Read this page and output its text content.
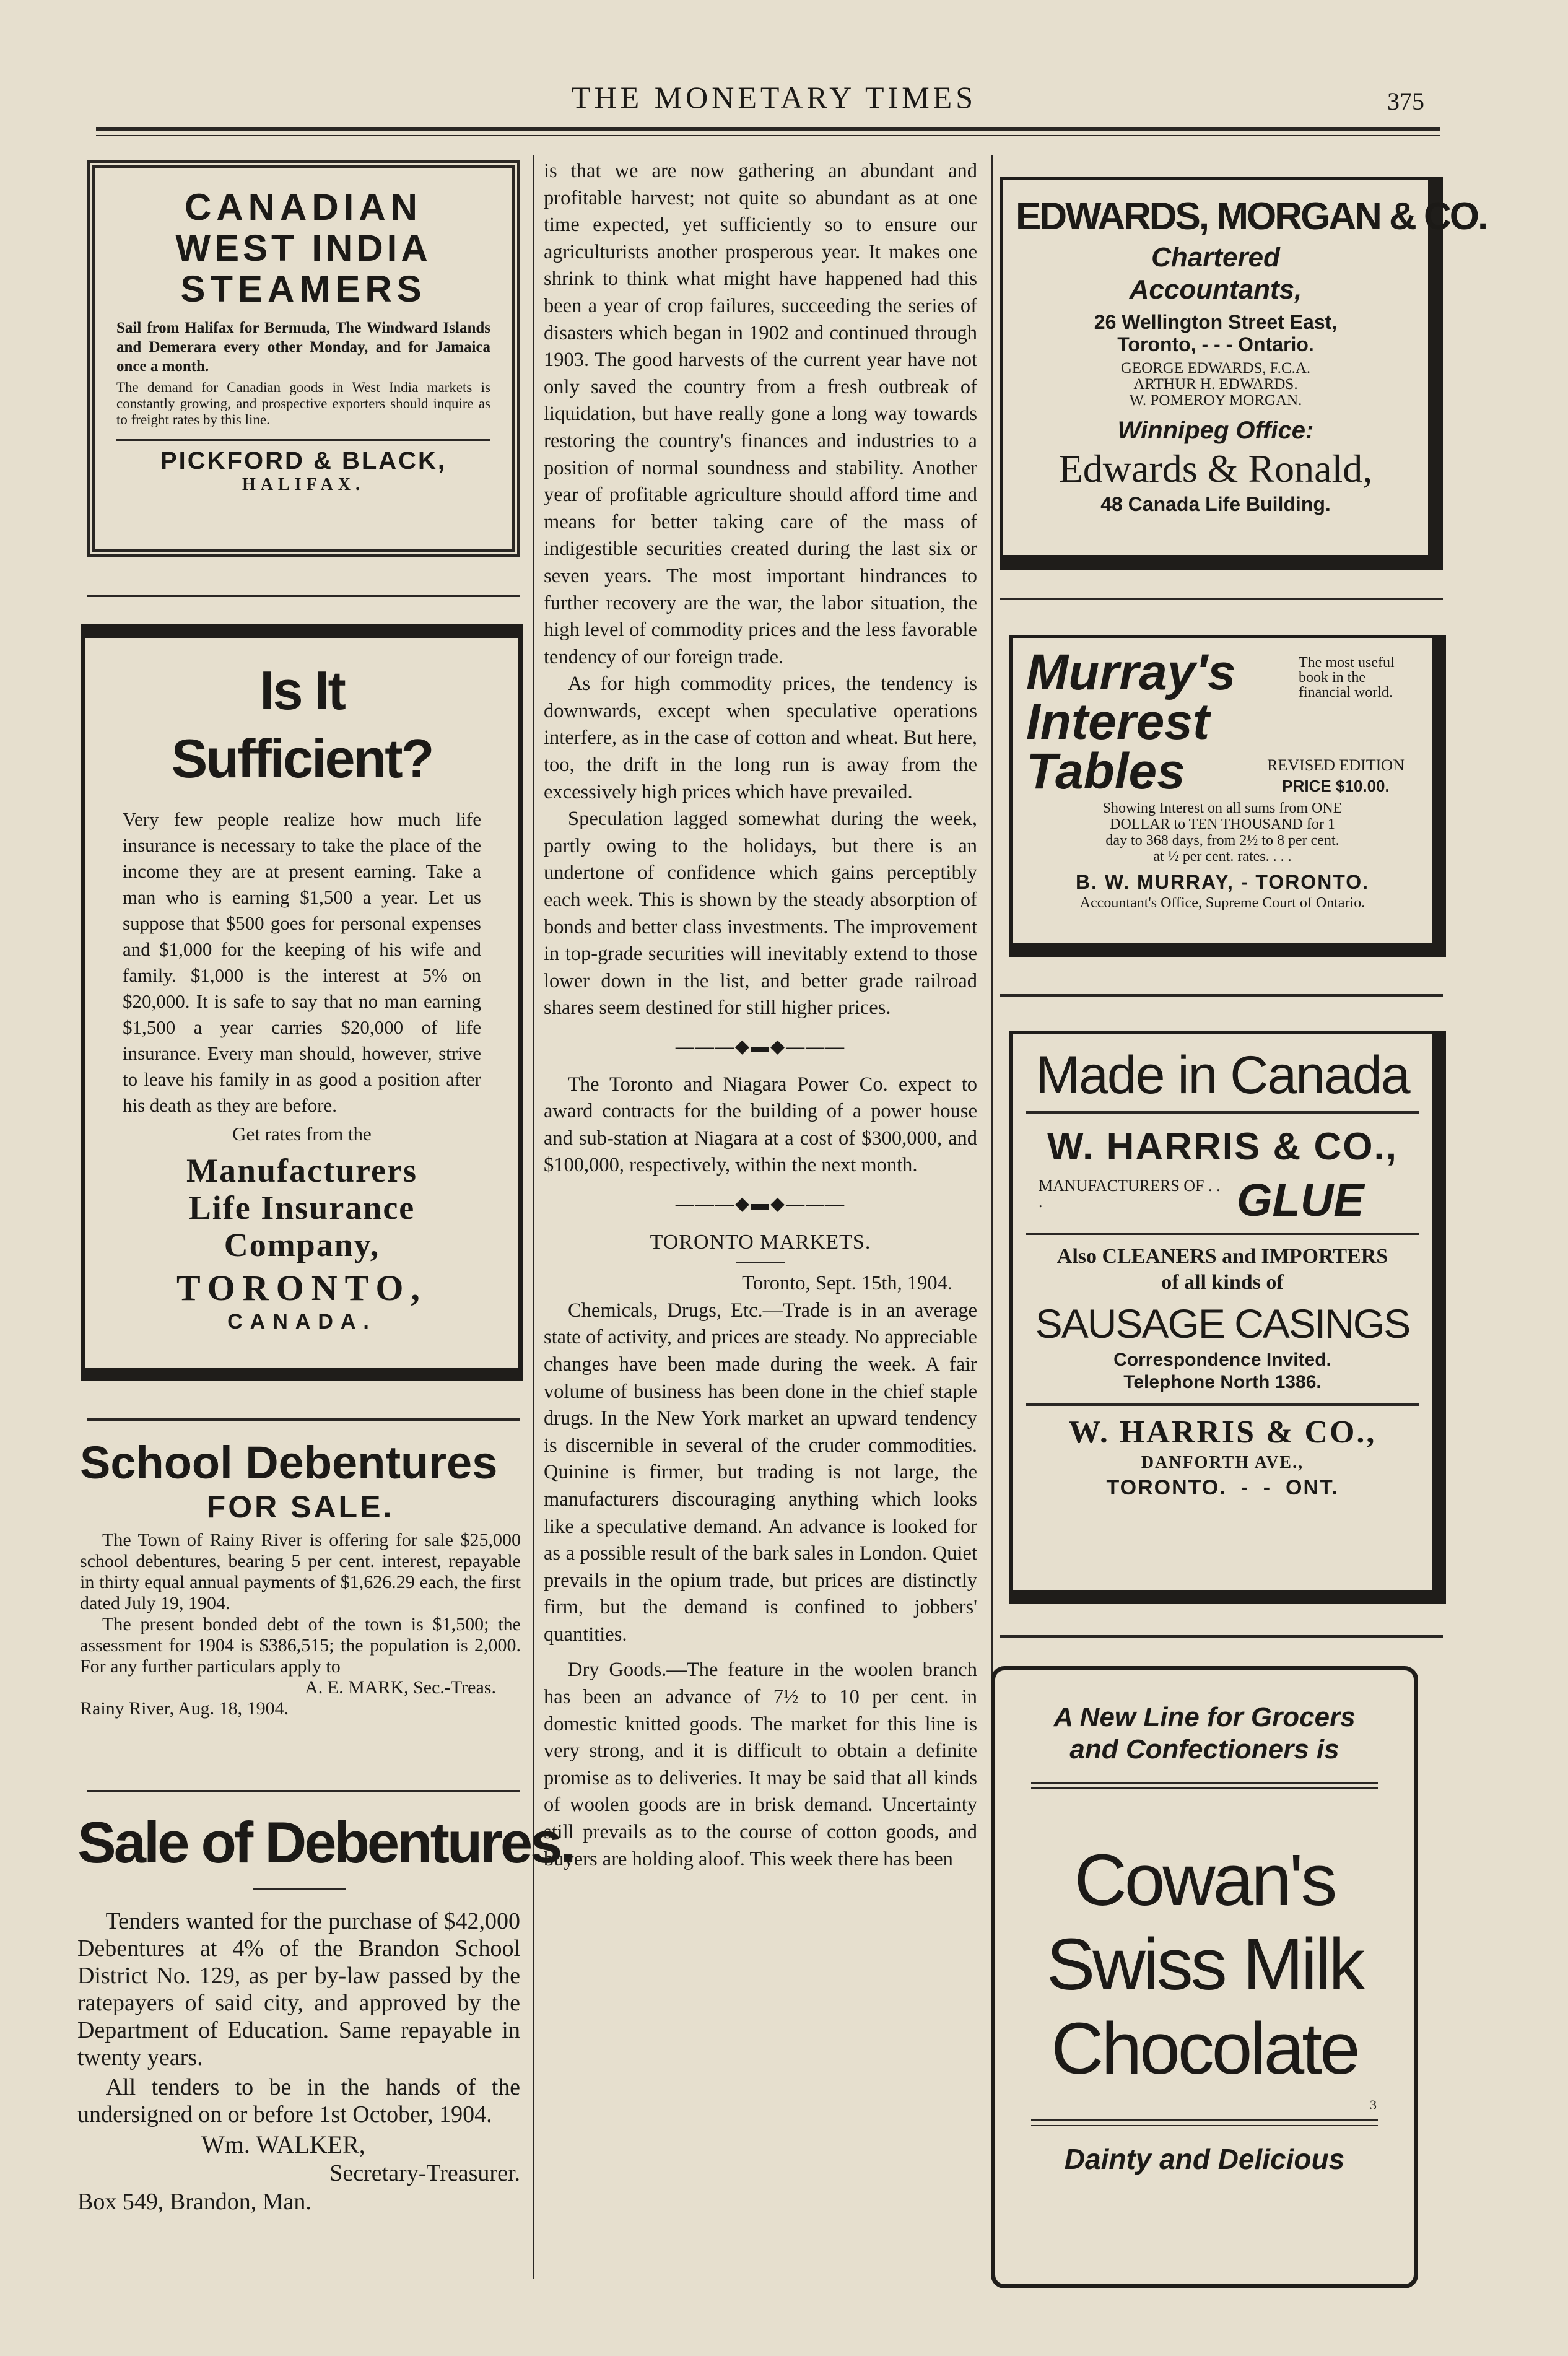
THE MONETARY TIMES	375
CANADIAN
WEST INDIA
STEAMERS
Sail from Halifax for Bermuda, The Windward Islands and Demerara every other Monday, and for Jamaica once a month.
The demand for Canadian goods in West India markets is constantly growing, and prospective exporters should inquire as to freight rates by this line.
PICKFORD & BLACK,
HALIFAX.
Is It Sufficient?
Very few people realize how much life insurance is necessary to take the place of the income they are at present earning. Take a man who is earning $1,500 a year. Let us suppose that $500 goes for personal expenses and $1,000 for the keeping of his wife and family. $1,000 is the interest at 5% on $20,000. It is safe to say that no man earning $1,500 a year carries $20,000 of life insurance. Every man should, however, strive to leave his family in as good a position after his death as they are before.
Get rates from the
Manufacturers
Life Insurance
Company,
TORONTO,
CANADA.
School Debentures
FOR SALE.

The Town of Rainy River is offering for sale $25,000 school debentures, bearing 5 per cent. interest, repayable in thirty equal annual payments of $1,626.29 each, the first dated July 19, 1904.

The present bonded debt of the town is $1,500; the assessment for 1904 is $386,515; the population is 2,000. For any further particulars apply to

A. E. MARK, Sec.-Treas.
Rainy River, Aug. 18, 1904.
Sale of Debentures.

Tenders wanted for the purchase of $42,000 Debentures at 4% of the Brandon School District No. 129, as per by-law passed by the ratepayers of said city, and approved by the Department of Education. Same repayable in twenty years.

All tenders to be in the hands of the undersigned on or before 1st October, 1904.

Wm. WALKER,
Secretary-Treasurer.
Box 549, Brandon, Man.

is that we are now gathering an abundant and profitable harvest; not quite so abundant as at one time expected, yet sufficiently so to ensure our agriculturists another prosperous year. It makes one shrink to think what might have happened had this been a year of crop failures, succeeding the series of disasters which began in 1902 and continued through 1903. The good harvests of the current year have not only saved the country from a fresh outbreak of liquidation, but have really gone a long way towards restoring the country's finances and industries to a position of normal soundness and stability. Another year of profitable agriculture should afford time and means for better taking care of the mass of indigestible securities created during the last six or seven years. The most important hindrances to further recovery are the war, the labor situation, the high level of commodity prices and the less favorable tendency of our foreign trade.

As for high commodity prices, the tendency is downwards, except when speculative operations interfere, as in the case of cotton and wheat. But here, too, the drift in the long run is away from the excessively high prices which have prevailed.

Speculation lagged somewhat during the week, partly owing to the holidays, but there is an undertone of confidence which gains perceptibly each week. This is shown by the steady absorption of bonds and better class investments. The improvement in top-grade securities will inevitably extend to those lower down in the list, and better grade railroad shares seem destined for still higher prices.

———◆▬◆———

The Toronto and Niagara Power Co. expect to award contracts for the building of a power house and sub-station at Niagara at a cost of $300,000, and $100,000, respectively, within the next month.

———◆▬◆———
TORONTO MARKETS.
Toronto, Sept. 15th, 1904.

Chemicals, Drugs, Etc.—Trade is in an average state of activity, and prices are steady. No appreciable changes have been made during the week. A fair volume of business has been done in the chief staple drugs. In the New York market an upward tendency is discernible in several of the cruder commodities. Quinine is firmer, but trading is not large, the manufacturers discouraging anything which looks like a speculative demand. An advance is looked for as a possible result of the bark sales in London. Quiet prevails in the opium trade, but prices are distinctly firm, but the demand is confined to jobbers' quantities.

Dry Goods.—The feature in the woolen branch has been an advance of 7½ to 10 per cent. in domestic knitted goods. The market for this line is very strong, and it is difficult to obtain a definite promise as to deliveries. It may be said that all kinds of woolen goods are in brisk demand. Uncertainty still prevails as to the course of cotton goods, and buyers are holding aloof. This week there has been

EDWARDS, MORGAN & CO.
Chartered
Accountants,
26 Wellington Street East,
Toronto, - - - Ontario.
GEORGE EDWARDS, F.C.A.
ARTHUR H. EDWARDS.
W. POMEROY MORGAN.
Winnipeg Office:
Edwards & Ronald,
48 Canada Life Building.
Murray's
Interest
Tables
The most useful book in the financial world.
REVISED EDITION
PRICE $10.00.
Showing Interest on all sums from ONE DOLLAR to TEN THOUSAND for 1 day to 368 days, from 2½ to 8 per cent. at ½ per cent. rates. . . .
B. W. MURRAY, - TORONTO.
Accountant's Office, Supreme Court of Ontario.
Made in Canada
W. HARRIS & CO.,
MANUFACTURERS OF . . .	GLUE
Also CLEANERS and IMPORTERS of all kinds of
SAUSAGE CASINGS
Correspondence Invited.
Telephone North 1386.
W. HARRIS & CO.,
DANFORTH AVE.,
TORONTO.  -  -  ONT.
A New Line for Grocers and Confectioners is
Cowan's
Swiss Milk
Chocolate
3
Dainty and Delicious
